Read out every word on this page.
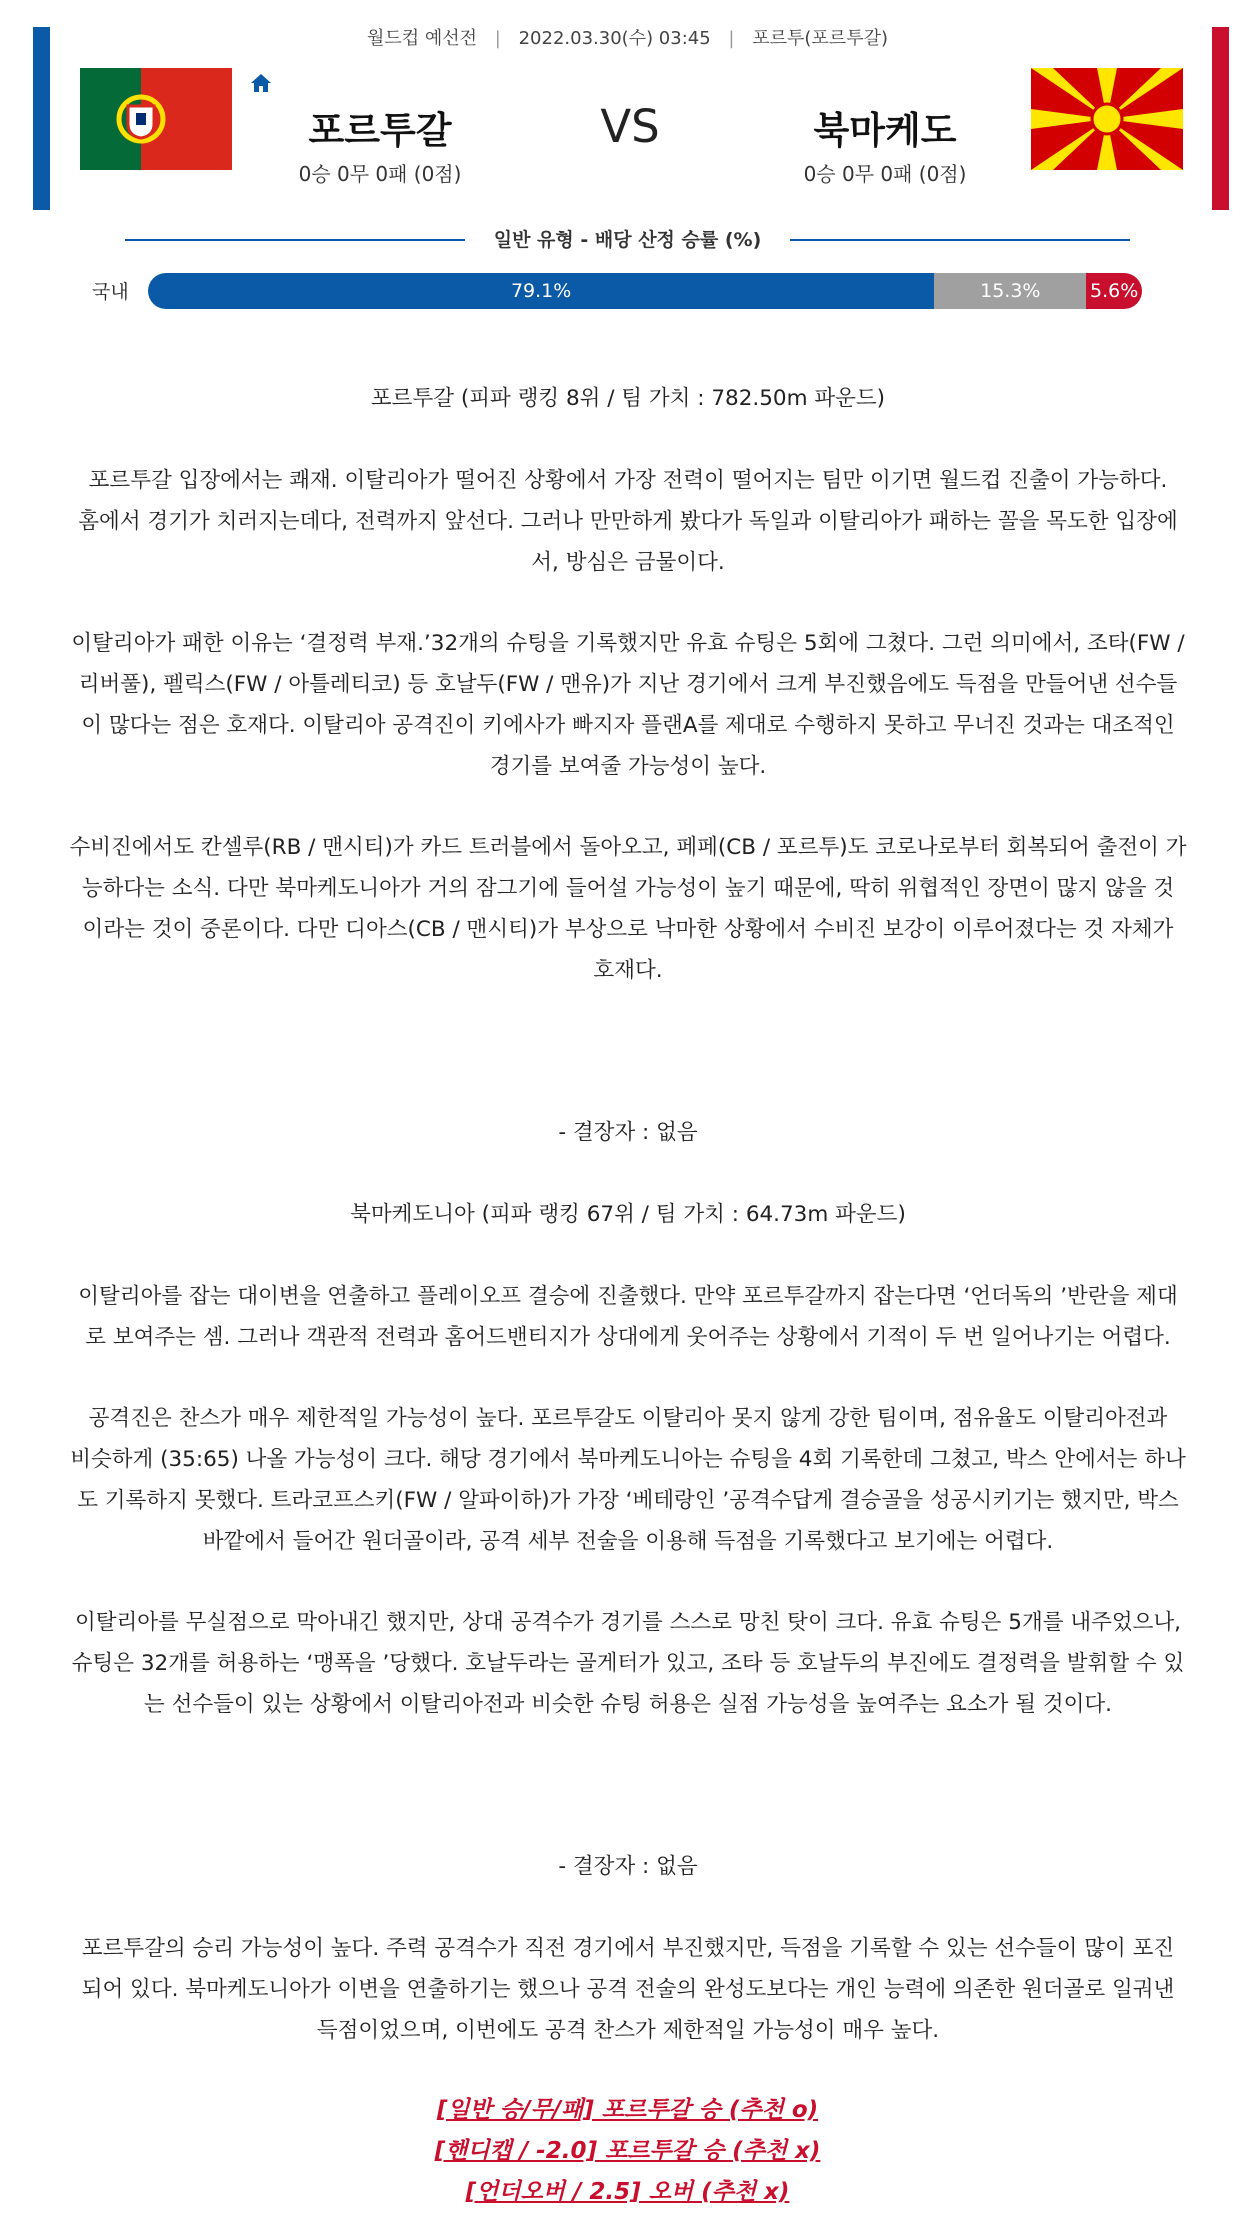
월드컵 예선전 | 2022.03.30(수) 03:45 | 포르투(포르투갈)
포르투갈
0승 0무 0패 (0점)
VS	북마케도
0승 0무 0패 (0점)
일반 유형 - 배당 산정 승률 (%)
국내	79.1%	15.3%	5.6%
포르투갈 (피파 랭킹 8위 / 팀 가치 : 782.50m 파운드)
포르투갈 입장에서는 쾌재. 이탈리아가 떨어진 상황에서 가장 전력이 떨어지는 팀만 이기면 월드컵 진출이 가능하다.
홈에서 경기가 치러지는데다, 전력까지 앞선다. 그러나 만만하게 봤다가 독일과 이탈리아가 패하는 꼴을 목도한 입장에
서, 방심은 금물이다.
이탈리아가 패한 이유는 ‘결정력 부재.’32개의 슈팅을 기록했지만 유효 슈팅은 5회에 그쳤다. 그런 의미에서, 조타(FW /
리버풀), 펠릭스(FW / 아틀레티코) 등 호날두(FW / 맨유)가 지난 경기에서 크게 부진했음에도 득점을 만들어낸 선수들
이 많다는 점은 호재다. 이탈리아 공격진이 키에사가 빠지자 플랜A를 제대로 수행하지 못하고 무너진 것과는 대조적인
경기를 보여줄 가능성이 높다.
수비진에서도 칸셀루(RB / 맨시티)가 카드 트러블에서 돌아오고, 페페(CB / 포르투)도 코로나로부터 회복되어 출전이 가
능하다는 소식. 다만 북마케도니아가 거의 잠그기에 들어설 가능성이 높기 때문에, 딱히 위협적인 장면이 많지 않을 것
이라는 것이 중론이다. 다만 디아스(CB / 맨시티)가 부상으로 낙마한 상황에서 수비진 보강이 이루어졌다는 것 자체가
호재다.
- 결장자 : 없음
북마케도니아 (피파 랭킹 67위 / 팀 가치 : 64.73m 파운드)
이탈리아를 잡는 대이변을 연출하고 플레이오프 결승에 진출했다. 만약 포르투갈까지 잡는다면 ‘언더독의 ’반란을 제대
로 보여주는 셈. 그러나 객관적 전력과 홈어드밴티지가 상대에게 웃어주는 상황에서 기적이 두 번 일어나기는 어렵다.
공격진은 찬스가 매우 제한적일 가능성이 높다. 포르투갈도 이탈리아 못지 않게 강한 팀이며, 점유율도 이탈리아전과
비슷하게 (35:65) 나올 가능성이 크다. 해당 경기에서 북마케도니아는 슈팅을 4회 기록한데 그쳤고, 박스 안에서는 하나
도 기록하지 못했다. 트라코프스키(FW / 알파이하)가 가장 ‘베테랑인 ’공격수답게 결승골을 성공시키기는 했지만, 박스
바깥에서 들어간 원더골이라, 공격 세부 전술을 이용해 득점을 기록했다고 보기에는 어렵다.
이탈리아를 무실점으로 막아내긴 했지만, 상대 공격수가 경기를 스스로 망친 탓이 크다. 유효 슈팅은 5개를 내주었으나,
슈팅은 32개를 허용하는 ‘맹폭을 ’당했다. 호날두라는 골게터가 있고, 조타 등 호날두의 부진에도 결정력을 발휘할 수 있
는 선수들이 있는 상황에서 이탈리아전과 비슷한 슈팅 허용은 실점 가능성을 높여주는 요소가 될 것이다.
- 결장자 : 없음
포르투갈의 승리 가능성이 높다. 주력 공격수가 직전 경기에서 부진했지만, 득점을 기록할 수 있는 선수들이 많이 포진
되어 있다. 북마케도니아가 이변을 연출하기는 했으나 공격 전술의 완성도보다는 개인 능력에 의존한 원더골로 일궈낸
득점이었으며, 이번에도 공격 찬스가 제한적일 가능성이 매우 높다.
[일반 승/무/패] 포르투갈 승 (추천 o)
[핸디캡 / -2.0] 포르투갈 승 (추천 x)
[언더오버 / 2.5] 오버 (추천 x)
